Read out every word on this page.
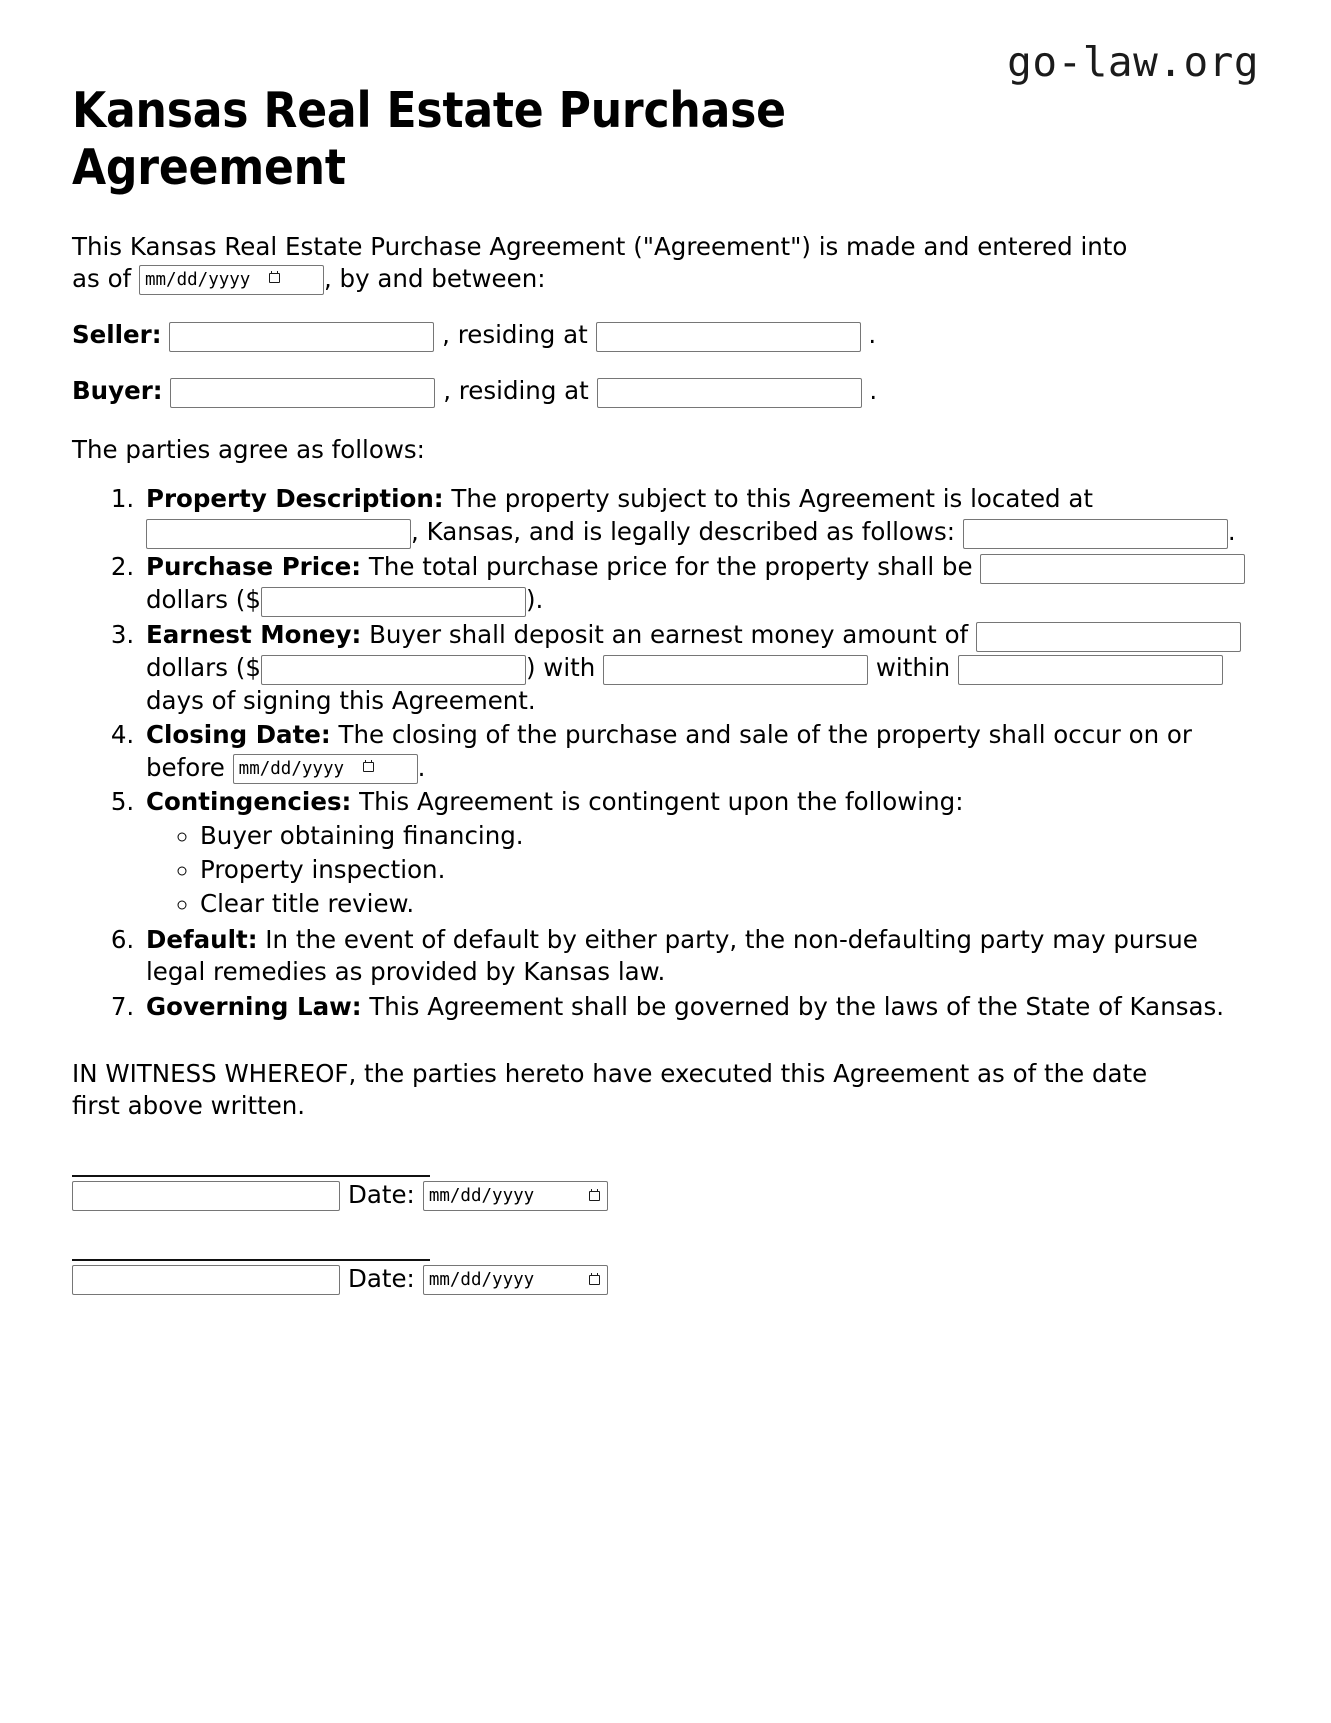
go-law.org
Kansas Real Estate Purchase Agreement

This Kansas Real Estate Purchase Agreement ("Agreement") is made and entered into as of mm/dd/yyyy	, by and between:

Seller:	, residing at	.
Buyer:	, residing at	.

The parties agree as follows:

1. Property Description: The property subject to this Agreement is located at , Kansas, and is legally described as follows:	.
2. Purchase Price: The total purchase price for the property shall be dollars ($	).
3. Earnest Money: Buyer shall deposit an earnest money amount of dollars ($	) with	within  days of signing this Agreement.
4. Closing Date: The closing of the purchase and sale of the property shall occur on or before mm/dd/yyyy	.
5. Contingencies: This Agreement is contingent upon the following:
◦ Buyer obtaining financing.
◦ Property inspection.
◦ Clear title review.
6. Default: In the event of default by either party, the non-defaulting party may pursue legal remedies as provided by Kansas law.
7. Governing Law: This Agreement shall be governed by the laws of the State of Kansas.

IN WITNESS WHEREOF, the parties hereto have executed this Agreement as of the date first above written.

Date: mm/dd/yyyy
Date: mm/dd/yyyy
